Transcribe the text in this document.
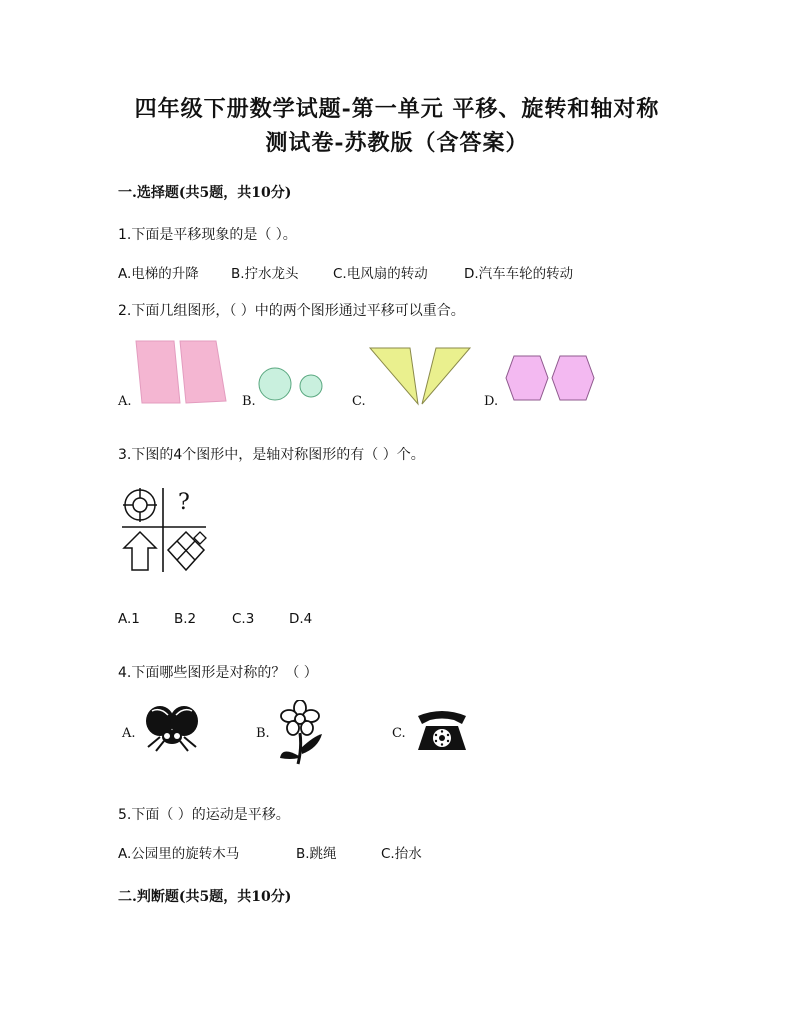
四年级下册数学试题-第一单元 平移、旋转和轴对称
测试卷-苏教版（含答案）
一.选择题(共5题，共10分)
1.下面是平移现象的是（ ）。
A.电梯的升降 B.拧水龙头	C.电风扇的转动	D.汽车车轮的转动
2.下面几组图形，（ ）中的两个图形通过平移可以重合。
A.	B.	C.	D.
3.下图的4个图形中，是轴对称图形的有（ ）个。
?
A.1	B.2	C.3	D.4
4.下面哪些图形是对称的？（ ）
A.	B.	C.
5.下面（ ）的运动是平移。
A.公园里的旋转木马	B.跳绳	C.抬水
二.判断题(共5题，共10分)
